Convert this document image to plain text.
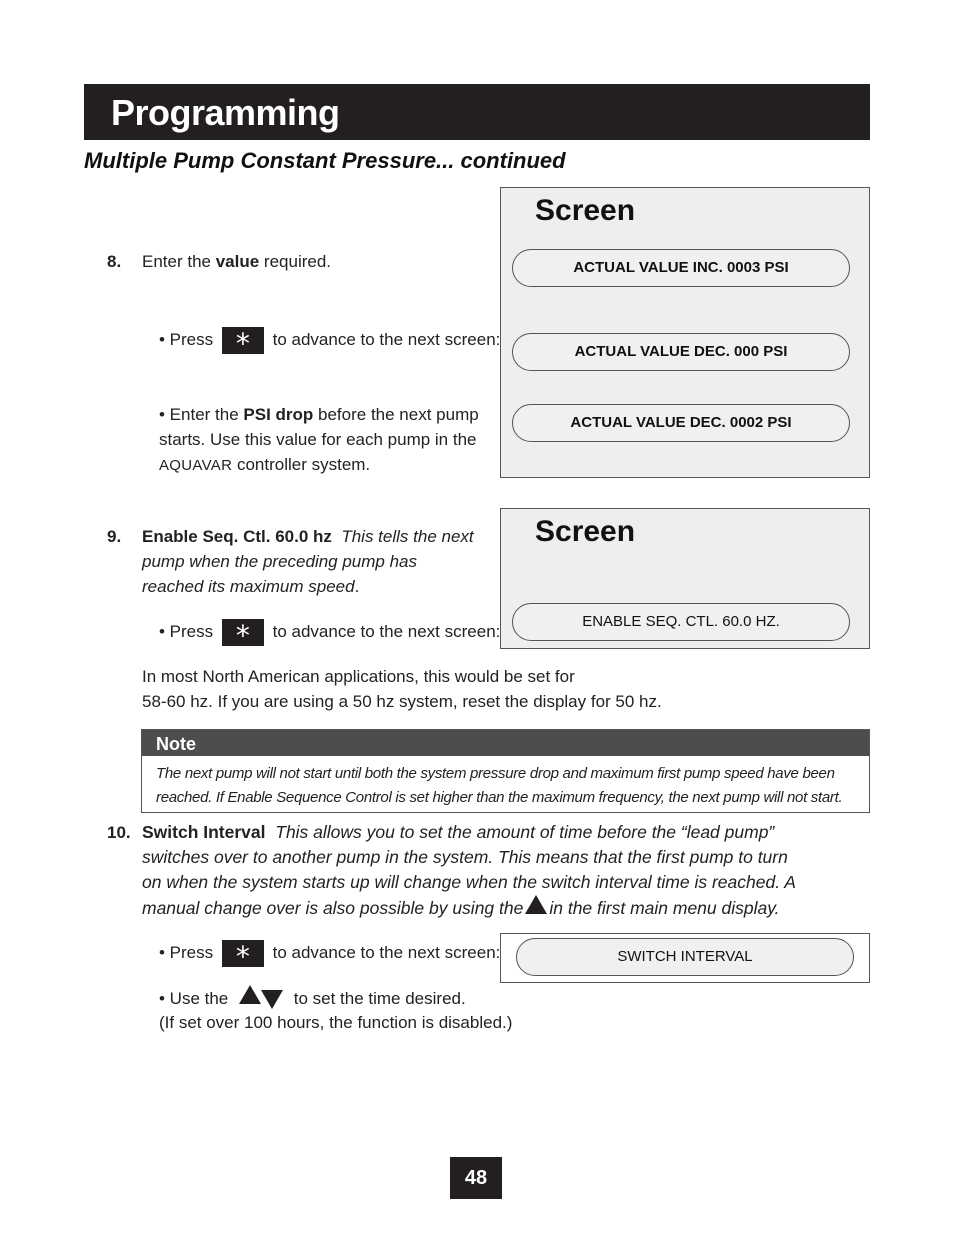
Programming
Multiple Pump Constant Pressure... continued
8. Enter the value required.
• Press * to advance to the next screen:
• Enter the PSI drop before the next pump
starts. Use this value for each pump in the
AQUAVAR controller system.
Screen
ACTUAL VALUE INC. 0003 PSI
ACTUAL VALUE DEC. 000 PSI
ACTUAL VALUE DEC. 0002 PSI
9. Enable Seq. Ctl. 60.0 hz This tells the next
pump when the preceding pump has
reached its maximum speed.
• Press * to advance to the next screen:
In most North American applications, this would be set for
58-60 hz. If you are using a 50 hz system, reset the display for 50 hz.
Screen
ENABLE SEQ. CTL. 60.0 HZ.
Note
The next pump will not start until both the system pressure drop and maximum first pump speed have been
reached. If Enable Sequence Control is set higher than the maximum frequency, the next pump will not start.
10. Switch Interval This allows you to set the amount of time before the “lead pump”
switches over to another pump in the system. This means that the first pump to turn
on when the system starts up will change when the switch interval time is reached. A
manual change over is also possible by using the in the first main menu display.
• Press * to advance to the next screen:
• Use the	to set the time desired.
(If set over 100 hours, the function is disabled.)
SWITCH INTERVAL
48
